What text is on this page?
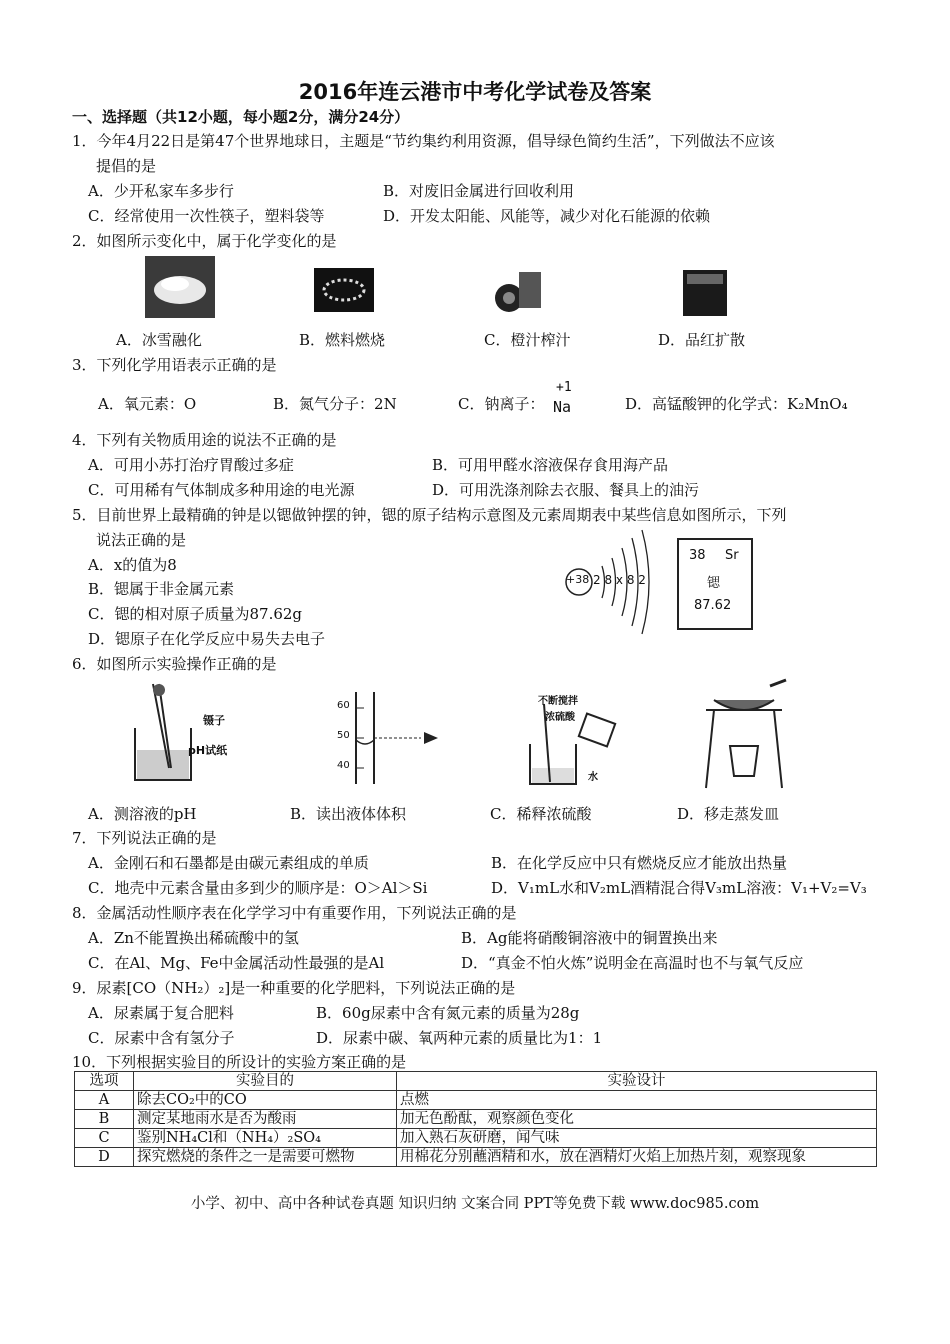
2016年连云港市中考化学试卷及答案
一、选择题（共12小题，每小题2分，满分24分）
1．今年4月22日是第47个世界地球日，主题是“节约集约利用资源，倡导绿色简约生活”，下列做法不应该
提倡的是
A．少开私家车多步行	B．对废旧金属进行回收利用
C．经常使用一次性筷子，塑料袋等	D．开发太阳能、风能等，减少对化石能源的依赖
2．如图所示变化中，属于化学变化的是
A．冰雪融化	B．燃料燃烧	C．橙汁榨汁	D．品红扩散
3．下列化学用语表示正确的是
A．氧元素：O	B．氮气分子：2N	C．钠离子：
+1
Na	D．高锰酸钾的化学式：K₂MnO₄
4．下列有关物质用途的说法不正确的是
A．可用小苏打治疗胃酸过多症	B．可用甲醛水溶液保存食用海产品
C．可用稀有气体制成多种用途的电光源	D．可用洗涤剂除去衣服、餐具上的油污
5．目前世界上最精确的钟是以锶做钟摆的钟，锶的原子结构示意图及元素周期表中某些信息如图所示，下列
说法正确的是
A．x的值为8
B．锶属于非金属元素
C．锶的相对原子质量为87.62g
D．锶原子在化学反应中易失去电子
+38 2 8 x 8 2
38 Sr
锶
87.62
6．如图所示实验操作正确的是
镊子
pH试纸
60
50
40
不断搅拌
浓硫酸
水
A．测溶液的pH	B．读出液体体积	C．稀释浓硫酸	D．移走蒸发皿
7．下列说法正确的是
A．金刚石和石墨都是由碳元素组成的单质	B．在化学反应中只有燃烧反应才能放出热量
C．地壳中元素含量由多到少的顺序是：O＞Al＞Si	D．V₁mL水和V₂mL酒精混合得V₃mL溶液：V₁+V₂=V₃
8．金属活动性顺序表在化学学习中有重要作用，下列说法正确的是
A．Zn不能置换出稀硫酸中的氢	B．Ag能将硝酸铜溶液中的铜置换出来
C．在Al、Mg、Fe中金属活动性最强的是Al	D．“真金不怕火炼”说明金在高温时也不与氧气反应
9．尿素[CO（NH₂）₂]是一种重要的化学肥料，下列说法正确的是
A．尿素属于复合肥料	B．60g尿素中含有氮元素的质量为28g
C．尿素中含有氢分子	D．尿素中碳、氧两种元素的质量比为1：1
10．下列根据实验目的所设计的实验方案正确的是
选项	实验目的	实验设计
A	除去CO₂中的CO	点燃
B	测定某地雨水是否为酸雨	加无色酚酞，观察颜色变化
C	鉴别NH₄Cl和（NH₄）₂SO₄	加入熟石灰研磨，闻气味
D	探究燃烧的条件之一是需要可燃物	用棉花分别蘸酒精和水，放在酒精灯火焰上加热片刻，观察现象
小学、初中、高中各种试卷真题 知识归纳 文案合同 PPT等免费下载 www.doc985.com
